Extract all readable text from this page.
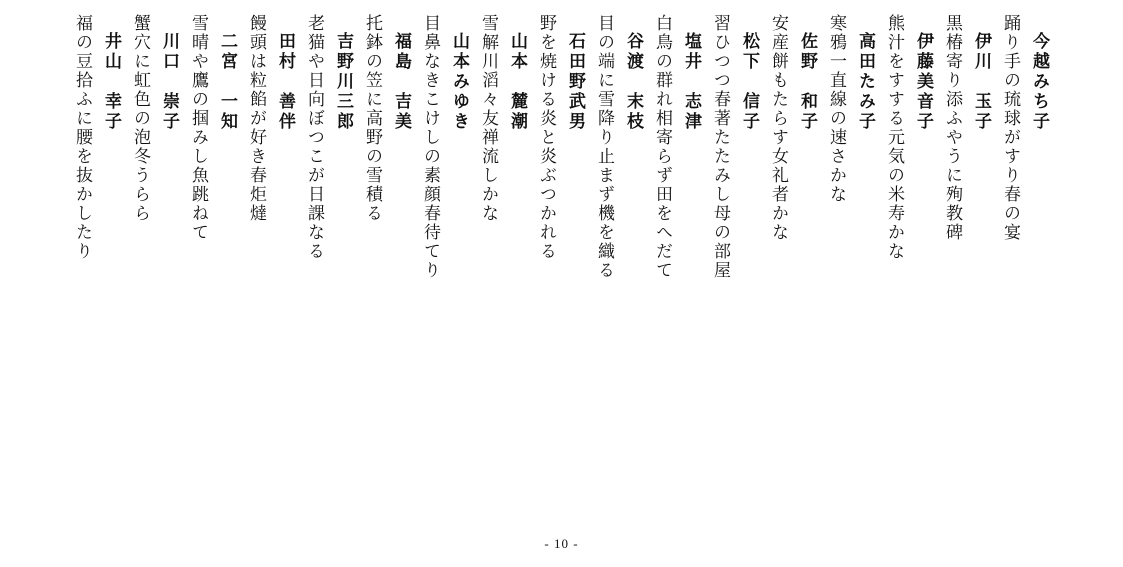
今越みち子
踊り手の琉球がすり春の宴
伊川　玉子
黒椿寄り添ふやうに殉教碑
伊藤美音子
熊汁をすする元気の米寿かな
高田たみ子
寒鴉一直線の速さかな
佐野　和子
安産餅もたらす女礼者かな
松下　信子
習ひつつ春著たたみし母の部屋
塩井　志津
白鳥の群れ相寄らず田をへだて
谷渡　末枝
目の端に雪降り止まず機を織る
石田野武男
野を焼ける炎と炎ぶつかれる
山本　麓潮
雪解川滔々友禅流しかな
山本みゆき
目鼻なきこけしの素顔春待てり
福島　吉美
托鉢の笠に高野の雪積る
吉野川三郎
老猫や日向ぼつこが日課なる
田村　善伴
饅頭は粒餡が好き春炬燵
二宮　一知
雪晴や鷹の掴みし魚跳ねて
川口　崇子
蟹穴に虹色の泡冬うらら
井山　幸子
福の豆拾ふに腰を抜かしたり
- 10 -
